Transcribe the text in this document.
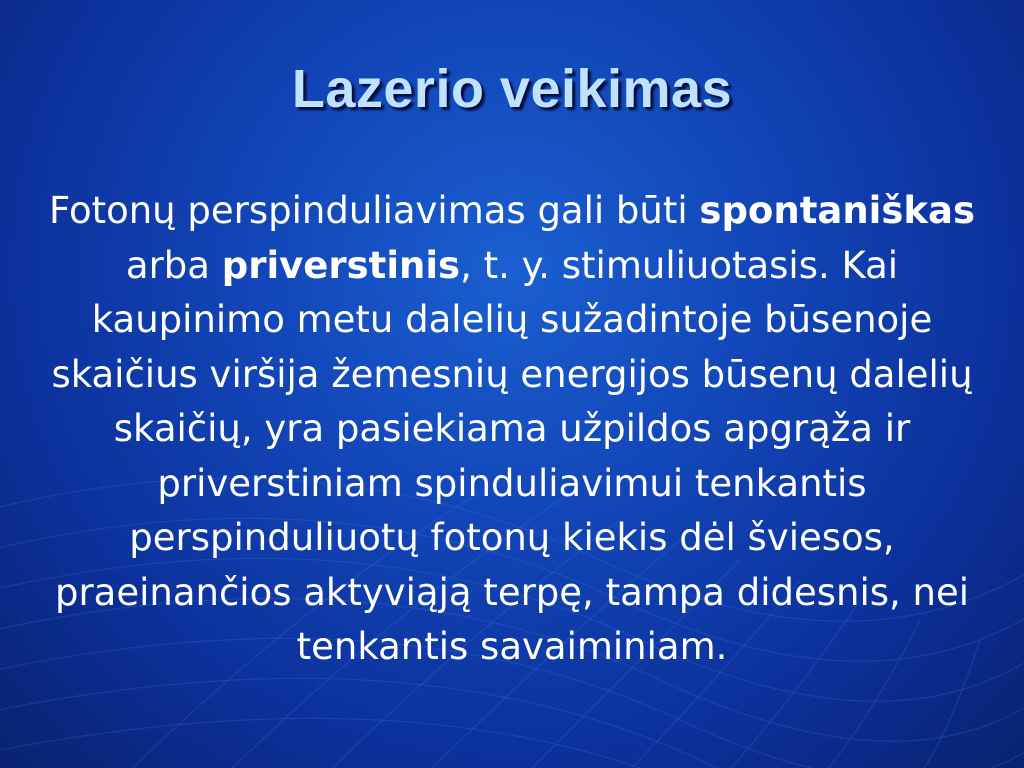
Lazerio veikimas
Fotonų perspinduliavimas gali būti spontaniškas arba priverstinis, t. y. stimuliuotasis. Kai kaupinimo metu dalelių sužadintoje būsenoje skaičius viršija žemesnių energijos būsenų dalelių skaičių, yra pasiekiama užpildos apgrąža ir priverstiniam spinduliavimui tenkantis perspinduliuotų fotonų kiekis dėl šviesos, praeinančios aktyviąją terpę, tampa didesnis, nei tenkantis savaiminiam.
